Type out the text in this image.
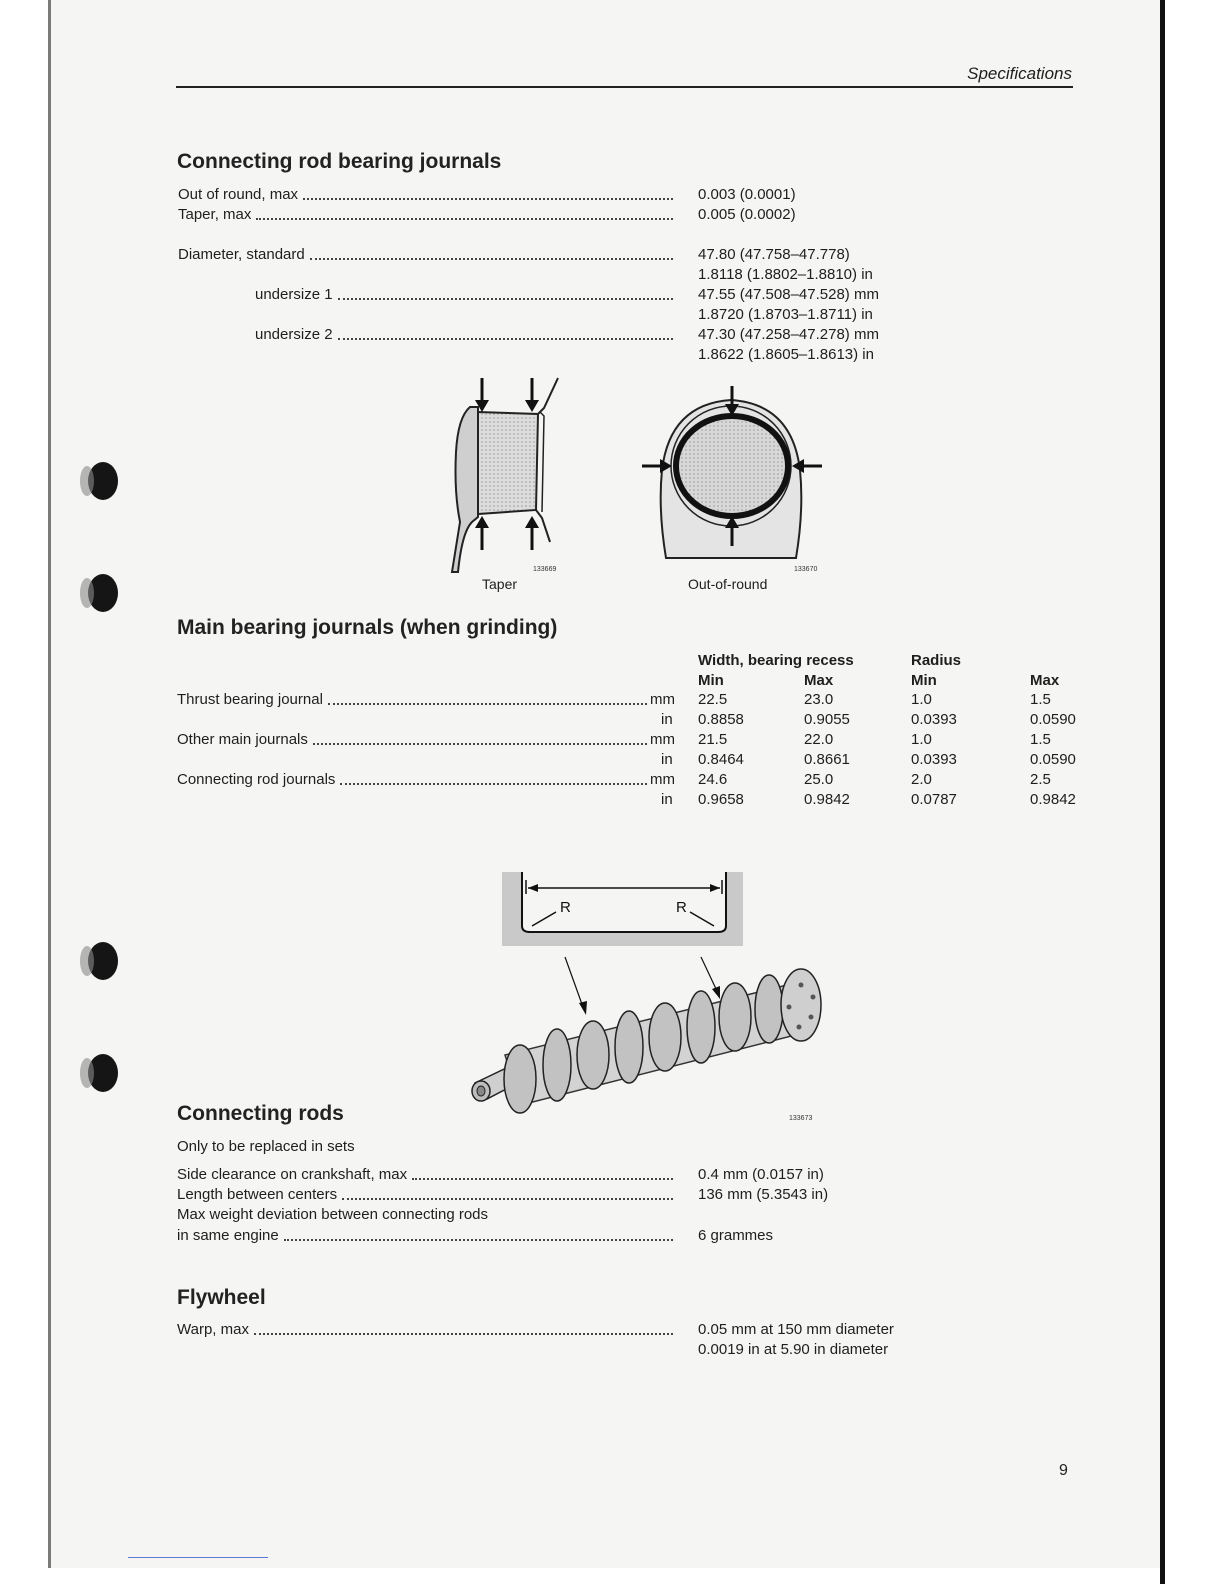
Specifications
Connecting rod bearing journals
Out of round, max	0.003 (0.0001)
Taper, max	0.005 (0.0002)
Diameter, standard	47.80 (47.758–47.778)
1.8118 (1.8802–1.8810) in
undersize 1	47.55 (47.508–47.528) mm
1.8720 (1.8703–1.8711) in
undersize 2	47.30 (47.258–47.278) mm
1.8622 (1.8605–1.8613) in
133669
Taper
133670
Out-of-round
Main bearing journals (when grinding)
Width, bearing recess	Radius
Min	Max	Min	Max
Thrust bearing journal	mm 22.5	23.0	1.0	1.5
in 0.8858	0.9055	0.0393	0.0590
Other main journals	mm 21.5	22.0	1.0	1.5
in 0.8464	0.8661	0.0393	0.0590
Connecting rod journals	mm 24.6	25.0	2.0	2.5
in 0.9658	0.9842	0.0787	0.9842
R	R
133673
Connecting rods
Only to be replaced in sets
Side clearance on crankshaft, max	0.4 mm (0.0157 in)
Length between centers	136 mm (5.3543 in)
Max weight deviation between connecting rods
in same engine	6 grammes
Flywheel
Warp, max	0.05 mm at 150 mm diameter
0.0019 in at 5.90 in diameter
9
